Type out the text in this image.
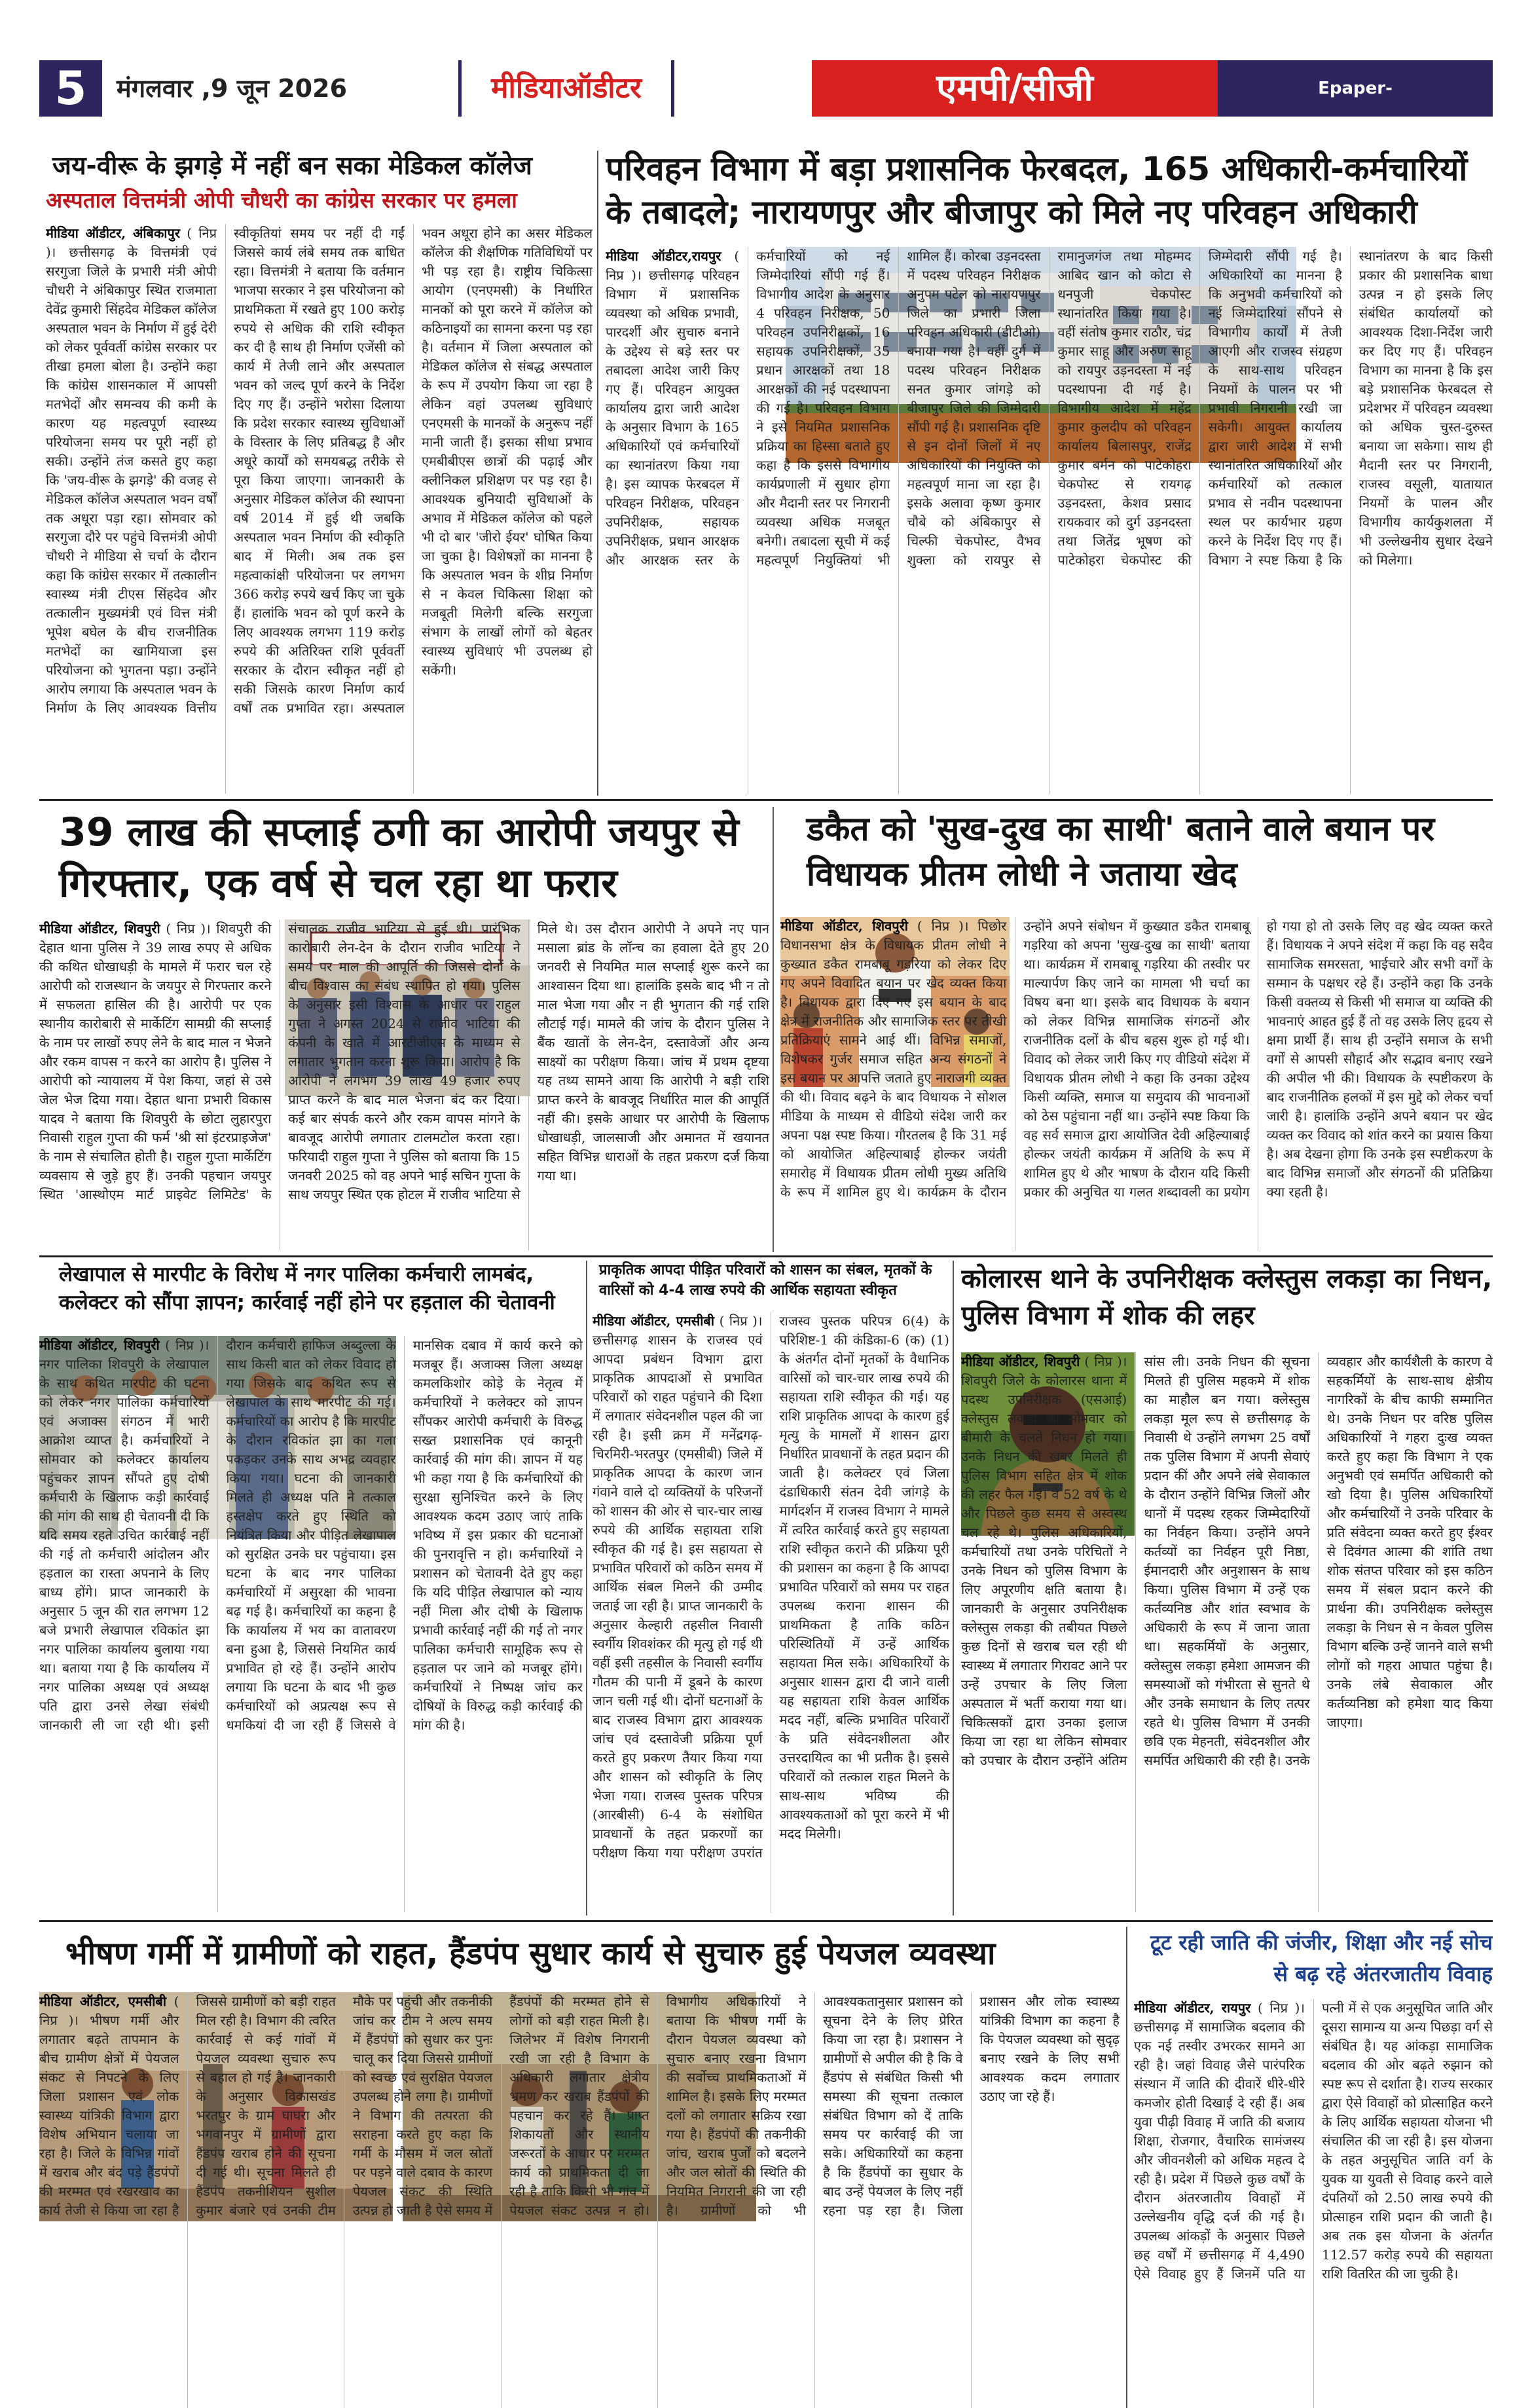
5	मंगलवार ,9 जून 2026	मीडियाऑडीटर	एमपी/सीजी	Epaper- dainikmediaauditor.in
जय-वीरू के झगड़े में नहीं बन सका मेडिकल कॉलेज
अस्पताल वित्तमंत्री ओपी चौधरी का कांग्रेस सरकार पर हमला

मीडिया ऑडीटर, अंबिकापुर ( निप्र )। छत्तीसगढ़ के वित्तमंत्री एवं सरगुजा जिले के प्रभारी मंत्री ओपी चौधरी ने अंबिकापुर स्थित राजमाता देवेंद्र कुमारी सिंहदेव मेडिकल कॉलेज अस्पताल भवन के निर्माण में हुई देरी को लेकर पूर्ववर्ती कांग्रेस सरकार पर तीखा हमला बोला है। उन्होंने कहा कि कांग्रेस शासनकाल में आपसी मतभेदों और समन्वय की कमी के कारण यह महत्वपूर्ण स्वास्थ्य परियोजना समय पर पूरी नहीं हो सकी। उन्होंने तंज कसते हुए कहा कि 'जय-वीरू के झगड़े' की वजह से मेडिकल कॉलेज अस्पताल भवन वर्षों तक अधूरा पड़ा रहा। सोमवार को सरगुजा दौरे पर पहुंचे वित्तमंत्री ओपी चौधरी ने मीडिया से चर्चा के दौरान कहा कि कांग्रेस सरकार में तत्कालीन स्वास्थ्य मंत्री टीएस सिंहदेव और तत्कालीन मुख्यमंत्री एवं वित्त मंत्री भूपेश बघेल के बीच राजनीतिक मतभेदों का खामियाजा इस परियोजना को भुगतना पड़ा। उन्होंने आरोप लगाया कि अस्पताल भवन के निर्माण के लिए आवश्यक वित्तीय स्वीकृतियां समय पर नहीं दी गईं जिससे कार्य लंबे समय तक बाधित रहा। वित्तमंत्री ने बताया कि वर्तमान भाजपा सरकार ने इस परियोजना को प्राथमिकता में रखते हुए 100 करोड़ रुपये से अधिक की राशि स्वीकृत कर दी है साथ ही निर्माण एजेंसी को कार्य में तेजी लाने और अस्पताल भवन को जल्द पूर्ण करने के निर्देश दिए गए हैं। उन्होंने भरोसा दिलाया कि प्रदेश सरकार स्वास्थ्य सुविधाओं के विस्तार के लिए प्रतिबद्ध है और अधूरे कार्यों को समयबद्ध तरीके से पूरा किया जाएगा। जानकारी के अनुसार मेडिकल कॉलेज की स्थापना वर्ष 2014 में हुई थी जबकि अस्पताल भवन निर्माण की स्वीकृति बाद में मिली। अब तक इस महत्वाकांक्षी परियोजना पर लगभग 366 करोड़ रुपये खर्च किए जा चुके हैं। हालांकि भवन को पूर्ण करने के लिए आवश्यक लगभग 119 करोड़ रुपये की अतिरिक्त राशि पूर्ववर्ती सरकार के दौरान स्वीकृत नहीं हो सकी जिसके कारण निर्माण कार्य वर्षों तक प्रभावित रहा। अस्पताल भवन अधूरा होने का असर मेडिकल कॉलेज की शैक्षणिक गतिविधियों पर भी पड़ रहा है। राष्ट्रीय चिकित्सा आयोग (एनएमसी) के निर्धारित मानकों को पूरा करने में कॉलेज को कठिनाइयों का सामना करना पड़ रहा है। वर्तमान में जिला अस्पताल को मेडिकल कॉलेज से संबद्ध अस्पताल के रूप में उपयोग किया जा रहा है लेकिन वहां उपलब्ध सुविधाएं एनएमसी के मानकों के अनुरूप नहीं मानी जाती हैं। इसका सीधा प्रभाव एमबीबीएस छात्रों की पढ़ाई और क्लीनिकल प्रशिक्षण पर पड़ रहा है। आवश्यक बुनियादी सुविधाओं के अभाव में मेडिकल कॉलेज को पहले भी दो बार 'जीरो ईयर' घोषित किया जा चुका है। विशेषज्ञों का मानना है कि अस्पताल भवन के शीघ्र निर्माण से न केवल चिकित्सा शिक्षा को मजबूती मिलेगी बल्कि सरगुजा संभाग के लाखों लोगों को बेहतर स्वास्थ्य सुविधाएं भी उपलब्ध हो सकेंगी।

परिवहन विभाग में बड़ा प्रशासनिक फेरबदल, 165 अधिकारी-कर्मचारियों के तबादले; नारायणपुर और बीजापुर को मिले नए परिवहन अधिकारी

मीडिया ऑडीटर,रायपुर ( निप्र )। छत्तीसगढ़ परिवहन विभाग में प्रशासनिक व्यवस्था को अधिक प्रभावी, पारदर्शी और सुचारु बनाने के उद्देश्य से बड़े स्तर पर तबादला आदेश जारी किए गए हैं। परिवहन आयुक्त कार्यालय द्वारा जारी आदेश के अनुसार विभाग के 165 अधिकारियों एवं कर्मचारियों का स्थानांतरण किया गया है। इस व्यापक फेरबदल में परिवहन निरीक्षक, परिवहन उपनिरीक्षक, सहायक उपनिरीक्षक, प्रधान आरक्षक और आरक्षक स्तर के कर्मचारियों को नई जिम्मेदारियां सौंपी गई हैं। विभागीय आदेश के अनुसार 4 परिवहन निरीक्षक, 50 परिवहन उपनिरीक्षकों, 16 सहायक उपनिरीक्षकों, 35 प्रधान आरक्षकों तथा 18 आरक्षकों की नई पदस्थापना की गई है। परिवहन विभाग ने इसे नियमित प्रशासनिक प्रक्रिया का हिस्सा बताते हुए कहा है कि इससे विभागीय कार्यप्रणाली में सुधार होगा और मैदानी स्तर पर निगरानी व्यवस्था अधिक मजबूत बनेगी। तबादला सूची में कई महत्वपूर्ण नियुक्तियां भी शामिल हैं। कोरबा उड़नदस्ता में पदस्थ परिवहन निरीक्षक अनुपम पटेल को नारायणपुर जिले का प्रभारी जिला परिवहन अधिकारी (डीटीओ) बनाया गया है। वहीं दुर्ग में पदस्थ परिवहन निरीक्षक सनत कुमार जांगड़े को बीजापुर जिले की जिम्मेदारी सौंपी गई है। प्रशासनिक दृष्टि से इन दोनों जिलों में नए अधिकारियों की नियुक्ति को महत्वपूर्ण माना जा रहा है। इसके अलावा कृष्ण कुमार चौबे को अंबिकापुर से चिल्फी चेकपोस्ट, वैभव शुक्ला को रायपुर से रामानुजगंज तथा मोहम्मद आबिद खान को कोटा से धनपुजी चेकपोस्ट स्थानांतरित किया गया है। वहीं संतोष कुमार राठौर, चंद्र कुमार साहू और अरुण साहू को रायपुर उड़नदस्ता में नई पदस्थापना दी गई है। विभागीय आदेश में महेंद्र कुमार कुलदीप को परिवहन कार्यालय बिलासपुर, राजेंद्र कुमार बर्मन को पाटेकोहरा चेकपोस्ट से रायगढ़ उड़नदस्ता, केशव प्रसाद रायकवार को दुर्ग उड़नदस्ता तथा जितेंद्र भूषण को पाटेकोहरा चेकपोस्ट की जिम्मेदारी सौंपी गई है। अधिकारियों का मानना है कि अनुभवी कर्मचारियों को नई जिम्मेदारियां सौंपने से विभागीय कार्यों में तेजी आएगी और राजस्व संग्रहण के साथ-साथ परिवहन नियमों के पालन पर भी प्रभावी निगरानी रखी जा सकेगी। आयुक्त कार्यालय द्वारा जारी आदेश में सभी स्थानांतरित अधिकारियों और कर्मचारियों को तत्काल प्रभाव से नवीन पदस्थापना स्थल पर कार्यभार ग्रहण करने के निर्देश दिए गए हैं। विभाग ने स्पष्ट किया है कि स्थानांतरण के बाद किसी प्रकार की प्रशासनिक बाधा उत्पन्न न हो इसके लिए संबंधित कार्यालयों को आवश्यक दिशा-निर्देश जारी कर दिए गए हैं। परिवहन विभाग का मानना है कि इस बड़े प्रशासनिक फेरबदल से प्रदेशभर में परिवहन व्यवस्था को अधिक चुस्त-दुरुस्त बनाया जा सकेगा। साथ ही मैदानी स्तर पर निगरानी, राजस्व वसूली, यातायात नियमों के पालन और विभागीय कार्यकुशलता में भी उल्लेखनीय सुधार देखने को मिलेगा।

39 लाख की सप्लाई ठगी का आरोपी जयपुर से गिरफ्तार, एक वर्ष से चल रहा था फरार

मीडिया ऑडीटर, शिवपुरी ( निप्र )। शिवपुरी की देहात थाना पुलिस ने 39 लाख रुपए से अधिक की कथित धोखाधड़ी के मामले में फरार चल रहे आरोपी को राजस्थान के जयपुर से गिरफ्तार करने में सफलता हासिल की है। आरोपी पर एक स्थानीय कारोबारी से मार्केटिंग सामग्री की सप्लाई के नाम पर लाखों रुपए लेने के बाद माल न भेजने और रकम वापस न करने का आरोप है। पुलिस ने आरोपी को न्यायालय में पेश किया, जहां से उसे जेल भेज दिया गया। देहात थाना प्रभारी विकास यादव ने बताया कि शिवपुरी के छोटा लुहारपुरा निवासी राहुल गुप्ता की फर्म 'श्री सां इंटरप्राइजेज' के नाम से संचालित होती है। राहुल गुप्ता मार्केटिंग व्यवसाय से जुड़े हुए हैं। उनकी पहचान जयपुर स्थित 'आस्थोएम मार्ट प्राइवेट लिमिटेड' के संचालक राजीव भाटिया से हुई थी। प्रारंभिक कारोबारी लेन-देन के दौरान राजीव भाटिया ने समय पर माल की आपूर्ति की जिससे दोनों के बीच विश्वास का संबंध स्थापित हो गया। पुलिस के अनुसार इसी विश्वास के आधार पर राहुल गुप्ता ने अगस्त 2024 से राजीव भाटिया की कंपनी के खाते में आरटीजीएस के माध्यम से लगातार भुगतान करना शुरू किया। आरोप है कि आरोपी ने लगभग 39 लाख 49 हजार रुपए प्राप्त करने के बाद माल भेजना बंद कर दिया। कई बार संपर्क करने और रकम वापस मांगने के बावजूद आरोपी लगातार टालमटोल करता रहा। फरियादी राहुल गुप्ता ने पुलिस को बताया कि 15 जनवरी 2025 को वह अपने भाई सचिन गुप्ता के साथ जयपुर स्थित एक होटल में राजीव भाटिया से मिले थे। उस दौरान आरोपी ने अपने नए पान मसाला ब्रांड के लॉन्च का हवाला देते हुए 20 जनवरी से नियमित माल सप्लाई शुरू करने का आश्वासन दिया था। हालांकि इसके बाद भी न तो माल भेजा गया और न ही भुगतान की गई राशि लौटाई गई। मामले की जांच के दौरान पुलिस ने बैंक खातों के लेन-देन, दस्तावेजों और अन्य साक्ष्यों का परीक्षण किया। जांच में प्रथम दृष्टया यह तथ्य सामने आया कि आरोपी ने बड़ी राशि प्राप्त करने के बावजूद निर्धारित माल की आपूर्ति नहीं की। इसके आधार पर आरोपी के खिलाफ धोखाधड़ी, जालसाजी और अमानत में खयानत सहित विभिन्न धाराओं के तहत प्रकरण दर्ज किया गया था।

डकैत को 'सुख-दुख का साथी' बताने वाले बयान पर विधायक प्रीतम लोधी ने जताया खेद

मीडिया ऑडीटर, शिवपुरी ( निप्र )। पिछोर विधानसभा क्षेत्र के विधायक प्रीतम लोधी ने कुख्यात डकैत रामबाबू गड़रिया को लेकर दिए गए अपने विवादित बयान पर खेद व्यक्त किया है। विधायक द्वारा दिए गए इस बयान के बाद क्षेत्र में राजनीतिक और सामाजिक स्तर पर तीखी प्रतिक्रियाएं सामने आई थीं। विभिन्न समाजों, विशेषकर गुर्जर समाज सहित अन्य संगठनों ने इस बयान पर आपत्ति जताते हुए नाराजगी व्यक्त की थी। विवाद बढ़ने के बाद विधायक ने सोशल मीडिया के माध्यम से वीडियो संदेश जारी कर अपना पक्ष स्पष्ट किया। गौरतलब है कि 31 मई को आयोजित अहिल्याबाई होल्कर जयंती समारोह में विधायक प्रीतम लोधी मुख्य अतिथि के रूप में शामिल हुए थे। कार्यक्रम के दौरान उन्होंने अपने संबोधन में कुख्यात डकैत रामबाबू गड़रिया को अपना 'सुख-दुख का साथी' बताया था। कार्यक्रम में रामबाबू गड़रिया की तस्वीर पर माल्यार्पण किए जाने का मामला भी चर्चा का विषय बना था। इसके बाद विधायक के बयान को लेकर विभिन्न सामाजिक संगठनों और राजनीतिक दलों के बीच बहस शुरू हो गई थी। विवाद को लेकर जारी किए गए वीडियो संदेश में विधायक प्रीतम लोधी ने कहा कि उनका उद्देश्य किसी व्यक्ति, समाज या समुदाय की भावनाओं को ठेस पहुंचाना नहीं था। उन्होंने स्पष्ट किया कि वह सर्व समाज द्वारा आयोजित देवी अहिल्याबाई होल्कर जयंती कार्यक्रम में अतिथि के रूप में शामिल हुए थे और भाषण के दौरान यदि किसी प्रकार की अनुचित या गलत शब्दावली का प्रयोग हो गया हो तो उसके लिए वह खेद व्यक्त करते हैं। विधायक ने अपने संदेश में कहा कि वह सदैव सामाजिक समरसता, भाईचारे और सभी वर्गों के सम्मान के पक्षधर रहे हैं। उन्होंने कहा कि उनके किसी वक्तव्य से किसी भी समाज या व्यक्ति की भावनाएं आहत हुई हैं तो वह उसके लिए हृदय से क्षमा प्रार्थी हैं। साथ ही उन्होंने समाज के सभी वर्गों से आपसी सौहार्द और सद्भाव बनाए रखने की अपील भी की। विधायक के स्पष्टीकरण के बाद राजनीतिक हलकों में इस मुद्दे को लेकर चर्चा जारी है। हालांकि उन्होंने अपने बयान पर खेद व्यक्त कर विवाद को शांत करने का प्रयास किया है। अब देखना होगा कि उनके इस स्पष्टीकरण के बाद विभिन्न समाजों और संगठनों की प्रतिक्रिया क्या रहती है।

लेखापाल से मारपीट के विरोध में नगर पालिका कर्मचारी लामबंद, कलेक्टर को सौंपा ज्ञापन; कार्रवाई नहीं होने पर हड़ताल की चेतावनी

मीडिया ऑडीटर, शिवपुरी ( निप्र )। नगर पालिका शिवपुरी के लेखापाल के साथ कथित मारपीट की घटना को लेकर नगर पालिका कर्मचारियों एवं अजाक्स संगठन में भारी आक्रोश व्याप्त है। कर्मचारियों ने सोमवार को कलेक्टर कार्यालय पहुंचकर ज्ञापन सौंपते हुए दोषी कर्मचारी के खिलाफ कड़ी कार्रवाई की मांग की साथ ही चेतावनी दी कि यदि समय रहते उचित कार्रवाई नहीं की गई तो कर्मचारी आंदोलन और हड़ताल का रास्ता अपनाने के लिए बाध्य होंगे। प्राप्त जानकारी के अनुसार 5 जून की रात लगभग 12 बजे प्रभारी लेखापाल रविकांत झा नगर पालिका कार्यालय बुलाया गया था। बताया गया है कि कार्यालय में नगर पालिका अध्यक्ष एवं अध्यक्ष पति द्वारा उनसे लेखा संबंधी जानकारी ली जा रही थी। इसी दौरान कर्मचारी हाफिज अब्दुल्ला के साथ किसी बात को लेकर विवाद हो गया जिसके बाद कथित रूप से लेखापाल के साथ मारपीट की गई। कर्मचारियों का आरोप है कि मारपीट के दौरान रविकांत झा का गला पकड़कर उनके साथ अभद्र व्यवहार किया गया। घटना की जानकारी मिलते ही अध्यक्ष पति ने तत्काल हस्तक्षेप करते हुए स्थिति को नियंत्रित किया और पीड़ित लेखापाल को सुरक्षित उनके घर पहुंचाया। इस घटना के बाद नगर पालिका कर्मचारियों में असुरक्षा की भावना बढ़ गई है। कर्मचारियों का कहना है कि कार्यालय में भय का वातावरण बना हुआ है, जिससे नियमित कार्य प्रभावित हो रहे हैं। उन्होंने आरोप लगाया कि घटना के बाद भी कुछ कर्मचारियों को अप्रत्यक्ष रूप से धमकियां दी जा रही हैं जिससे वे मानसिक दबाव में कार्य करने को मजबूर हैं। अजाक्स जिला अध्यक्ष कमलकिशोर कोड़े के नेतृत्व में कर्मचारियों ने कलेक्टर को ज्ञापन सौंपकर आरोपी कर्मचारी के विरुद्ध सख्त प्रशासनिक एवं कानूनी कार्रवाई की मांग की। ज्ञापन में यह भी कहा गया है कि कर्मचारियों की सुरक्षा सुनिश्चित करने के लिए आवश्यक कदम उठाए जाएं ताकि भविष्य में इस प्रकार की घटनाओं की पुनरावृत्ति न हो। कर्मचारियों ने प्रशासन को चेतावनी देते हुए कहा कि यदि पीड़ित लेखापाल को न्याय नहीं मिला और दोषी के खिलाफ प्रभावी कार्रवाई नहीं की गई तो नगर पालिका कर्मचारी सामूहिक रूप से हड़ताल पर जाने को मजबूर होंगे। कर्मचारियों ने निष्पक्ष जांच कर दोषियों के विरुद्ध कड़ी कार्रवाई की मांग की है।

प्राकृतिक आपदा पीड़ित परिवारों को शासन का संबल, मृतकों के वारिसों को 4-4 लाख रुपये की आर्थिक सहायता स्वीकृत

मीडिया ऑडीटर, एमसीबी ( निप्र )। छत्तीसगढ़ शासन के राजस्व एवं आपदा प्रबंधन विभाग द्वारा प्राकृतिक आपदाओं से प्रभावित परिवारों को राहत पहुंचाने की दिशा में लगातार संवेदनशील पहल की जा रही है। इसी क्रम में मनेंद्रगढ़-चिरमिरी-भरतपुर (एमसीबी) जिले में प्राकृतिक आपदा के कारण जान गंवाने वाले दो व्यक्तियों के परिजनों को शासन की ओर से चार-चार लाख रुपये की आर्थिक सहायता राशि स्वीकृत की गई है। इस सहायता से प्रभावित परिवारों को कठिन समय में आर्थिक संबल मिलने की उम्मीद जताई जा रही है। प्राप्त जानकारी के अनुसार केल्हारी तहसील निवासी स्वर्गीय शिवशंकर की मृत्यु हो गई थी वहीं इसी तहसील के निवासी स्वर्गीय गौतम की पानी में डूबने के कारण जान चली गई थी। दोनों घटनाओं के बाद राजस्व विभाग द्वारा आवश्यक जांच एवं दस्तावेजी प्रक्रिया पूर्ण करते हुए प्रकरण तैयार किया गया और शासन को स्वीकृति के लिए भेजा गया। राजस्व पुस्तक परिपत्र (आरबीसी) 6-4 के संशोधित प्रावधानों के तहत प्रकरणों का परीक्षण किया गया परीक्षण उपरांत राजस्व पुस्तक परिपत्र 6(4) के परिशिष्ट-1 की कंडिका-6 (क) (1) के अंतर्गत दोनों मृतकों के वैधानिक वारिसों को चार-चार लाख रुपये की सहायता राशि स्वीकृत की गई। यह राशि प्राकृतिक आपदा के कारण हुई मृत्यु के मामलों में शासन द्वारा निर्धारित प्रावधानों के तहत प्रदान की जाती है। कलेक्टर एवं जिला दंडाधिकारी संतन देवी जांगड़े के मार्गदर्शन में राजस्व विभाग ने मामले में त्वरित कार्रवाई करते हुए सहायता राशि स्वीकृत कराने की प्रक्रिया पूरी की प्रशासन का कहना है कि आपदा प्रभावित परिवारों को समय पर राहत उपलब्ध कराना शासन की प्राथमिकता है ताकि कठिन परिस्थितियों में उन्हें आर्थिक सहायता मिल सके। अधिकारियों के अनुसार शासन द्वारा दी जाने वाली यह सहायता राशि केवल आर्थिक मदद नहीं, बल्कि प्रभावित परिवारों के प्रति संवेदनशीलता और उत्तरदायित्व का भी प्रतीक है। इससे परिवारों को तत्काल राहत मिलने के साथ-साथ भविष्य की आवश्यकताओं को पूरा करने में भी मदद मिलेगी।

कोलारस थाने के उपनिरीक्षक क्लेस्तुस लकड़ा का निधन, पुलिस विभाग में शोक की लहर

मीडिया ऑडीटर, शिवपुरी ( निप्र )। शिवपुरी जिले के कोलारस थाना में पदस्थ उपनिरीक्षक (एसआई) क्लेस्तुस लकड़ा का सोमवार को बीमारी के चलते निधन हो गया। उनके निधन की खबर मिलते ही पुलिस विभाग सहित क्षेत्र में शोक की लहर फैल गई। वे 52 वर्ष के थे और पिछले कुछ समय से अस्वस्थ चल रहे थे। पुलिस अधिकारियों, कर्मचारियों तथा उनके परिचितों ने उनके निधन को पुलिस विभाग के लिए अपूरणीय क्षति बताया है। जानकारी के अनुसार उपनिरीक्षक क्लेस्तुस लकड़ा की तबीयत पिछले कुछ दिनों से खराब चल रही थी स्वास्थ्य में लगातार गिरावट आने पर उन्हें उपचार के लिए जिला अस्पताल में भर्ती कराया गया था। चिकित्सकों द्वारा उनका इलाज किया जा रहा था लेकिन सोमवार को उपचार के दौरान उन्होंने अंतिम सांस ली। उनके निधन की सूचना मिलते ही पुलिस महकमे में शोक का माहौल बन गया। क्लेस्तुस लकड़ा मूल रूप से छत्तीसगढ़ के निवासी थे उन्होंने लगभग 25 वर्षों तक पुलिस विभाग में अपनी सेवाएं प्रदान कीं और अपने लंबे सेवाकाल के दौरान उन्होंने विभिन्न जिलों और थानों में पदस्थ रहकर जिम्मेदारियों का निर्वहन किया। उन्होंने अपने कर्तव्यों का निर्वहन पूरी निष्ठा, ईमानदारी और अनुशासन के साथ किया। पुलिस विभाग में उन्हें एक कर्तव्यनिष्ठ और शांत स्वभाव के अधिकारी के रूप में जाना जाता था। सहकर्मियों के अनुसार, क्लेस्तुस लकड़ा हमेशा आमजन की समस्याओं को गंभीरता से सुनते थे और उनके समाधान के लिए तत्पर रहते थे। पुलिस विभाग में उनकी छवि एक मेहनती, संवेदनशील और समर्पित अधिकारी की रही है। उनके व्यवहार और कार्यशैली के कारण वे सहकर्मियों के साथ-साथ क्षेत्रीय नागरिकों के बीच काफी सम्मानित थे। उनके निधन पर वरिष्ठ पुलिस अधिकारियों ने गहरा दुःख व्यक्त करते हुए कहा कि विभाग ने एक अनुभवी एवं समर्पित अधिकारी को खो दिया है। पुलिस अधिकारियों और कर्मचारियों ने उनके परिवार के प्रति संवेदना व्यक्त करते हुए ईश्वर से दिवंगत आत्मा की शांति तथा शोक संतप्त परिवार को इस कठिन समय में संबल प्रदान करने की प्रार्थना की। उपनिरीक्षक क्लेस्तुस लकड़ा के निधन से न केवल पुलिस विभाग बल्कि उन्हें जानने वाले सभी लोगों को गहरा आघात पहुंचा है। उनके लंबे सेवाकाल और कर्तव्यनिष्ठा को हमेशा याद किया जाएगा।

भीषण गर्मी में ग्रामीणों को राहत, हैंडपंप सुधार कार्य से सुचारु हुई पेयजल व्यवस्था

मीडिया ऑडीटर, एमसीबी ( निप्र )। भीषण गर्मी और लगातार बढ़ते तापमान के बीच ग्रामीण क्षेत्रों में पेयजल संकट से निपटने के लिए जिला प्रशासन एवं लोक स्वास्थ्य यांत्रिकी विभाग द्वारा विशेष अभियान चलाया जा रहा है। जिले के विभिन्न गांवों में खराब और बंद पड़े हैंडपंपों की मरम्मत एवं रखरखाव का कार्य तेजी से किया जा रहा है जिससे ग्रामीणों को बड़ी राहत मिल रही है। विभाग की त्वरित कार्रवाई से कई गांवों में पेयजल व्यवस्था सुचारु रूप से बहाल हो गई है। जानकारी के अनुसार विकासखंड भरतपुर के ग्राम घाघरा और भगवानपुर में ग्रामीणों द्वारा हैंडपंप खराब होने की सूचना दी गई थी। सूचना मिलते ही हैंडपंप तकनीशियन सुशील कुमार बंजारे एवं उनकी टीम मौके पर पहुंची और तकनीकी जांच कर टीम ने अल्प समय में हैंडपंपों को सुधार कर पुनः चालू कर दिया जिससे ग्रामीणों को स्वच्छ एवं सुरक्षित पेयजल उपलब्ध होने लगा है। ग्रामीणों ने विभाग की तत्परता की सराहना करते हुए कहा कि गर्मी के मौसम में जल स्रोतों पर पड़ने वाले दबाव के कारण पेयजल संकट की स्थिति उत्पन्न हो जाती है ऐसे समय में हैंडपंपों की मरम्मत होने से लोगों को बड़ी राहत मिली है। जिलेभर में विशेष निगरानी रखी जा रही है विभाग के अधिकारी लगातार क्षेत्रीय भ्रमण कर खराब हैंडपंपों की पहचान कर रहे हैं। प्राप्त शिकायतों और स्थानीय जरूरतों के आधार पर मरम्मत कार्य को प्राथमिकता दी जा रही है ताकि किसी भी गांव में पेयजल संकट उत्पन्न न हो। विभागीय अधिकारियों ने बताया कि भीषण गर्मी के दौरान पेयजल व्यवस्था को सुचारु बनाए रखना विभाग की सर्वोच्च प्राथमिकताओं में शामिल है। इसके लिए मरम्मत दलों को लगातार सक्रिय रखा गया है। हैंडपंपों की तकनीकी जांच, खराब पुर्जों को बदलने और जल स्रोतों की स्थिति की नियमित निगरानी की जा रही है। ग्रामीणों को भी आवश्यकतानुसार प्रशासन को सूचना देने के लिए प्रेरित किया जा रहा है। प्रशासन ने ग्रामीणों से अपील की है कि वे हैंडपंप से संबंधित किसी भी समस्या की सूचना तत्काल संबंधित विभाग को दें ताकि समय पर कार्रवाई की जा सके। अधिकारियों का कहना है कि हैंडपंपों का सुधार के बाद उन्हें पेयजल के लिए नहीं रहना पड़ रहा है। जिला प्रशासन और लोक स्वास्थ्य यांत्रिकी विभाग का कहना है कि पेयजल व्यवस्था को सुदृढ़ बनाए रखने के लिए सभी आवश्यक कदम लगातार उठाए जा रहे हैं।

टूट रही जाति की जंजीर, शिक्षा और नई सोच से बढ़ रहे अंतरजातीय विवाह

मीडिया ऑडीटर, रायपुर ( निप्र )। छत्तीसगढ़ में सामाजिक बदलाव की एक नई तस्वीर उभरकर सामने आ रही है। जहां विवाह जैसे पारंपरिक संस्थान में जाति की दीवारें धीरे-धीरे कमजोर होती दिखाई दे रही हैं। अब युवा पीढ़ी विवाह में जाति की बजाय शिक्षा, रोजगार, वैचारिक सामंजस्य और जीवनशैली को अधिक महत्व दे रही है। प्रदेश में पिछले कुछ वर्षों के दौरान अंतरजातीय विवाहों में उल्लेखनीय वृद्धि दर्ज की गई है। उपलब्ध आंकड़ों के अनुसार पिछले छह वर्षों में छत्तीसगढ़ में 4,490 ऐसे विवाह हुए हैं जिनमें पति या पत्नी में से एक अनुसूचित जाति और दूसरा सामान्य या अन्य पिछड़ा वर्ग से संबंधित है। यह आंकड़ा सामाजिक बदलाव की ओर बढ़ते रुझान को स्पष्ट रूप से दर्शाता है। राज्य सरकार द्वारा ऐसे विवाहों को प्रोत्साहित करने के लिए आर्थिक सहायता योजना भी संचालित की जा रही है। इस योजना के तहत अनुसूचित जाति वर्ग के युवक या युवती से विवाह करने वाले दंपतियों को 2.50 लाख रुपये की प्रोत्साहन राशि प्रदान की जाती है। अब तक इस योजना के अंतर्गत 112.57 करोड़ रुपये की सहायता राशि वितरित की जा चुकी है।
